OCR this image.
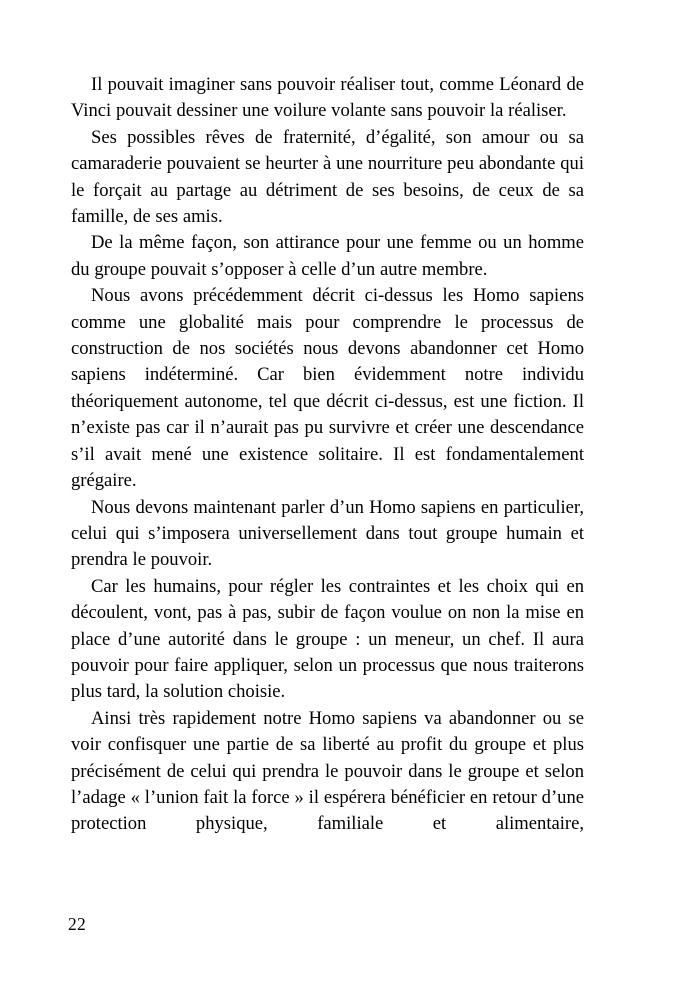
Il pouvait imaginer sans pouvoir réaliser tout, comme Léonard de Vinci pouvait dessiner une voilure volante sans pouvoir la réaliser.

Ses possibles rêves de fraternité, d’égalité, son amour ou sa camaraderie pouvaient se heurter à une nourriture peu abondante qui le forçait au partage au détriment de ses besoins, de ceux de sa famille, de ses amis.

De la même façon, son attirance pour une femme ou un homme du groupe pouvait s’opposer à celle d’un autre membre.

Nous avons précédemment décrit ci-dessus les Homo sapiens comme une globalité mais pour comprendre le processus de construction de nos sociétés nous devons abandonner cet Homo sapiens indéterminé. Car bien évidemment notre individu théoriquement autonome, tel que décrit ci-dessus, est une fiction. Il n’existe pas car il n’aurait pas pu survivre et créer une descendance s’il avait mené une existence solitaire. Il est fondamentalement grégaire.

Nous devons maintenant parler d’un Homo sapiens en particulier, celui qui s’imposera universellement dans tout groupe humain et prendra le pouvoir.

Car les humains, pour régler les contraintes et les choix qui en découlent, vont, pas à pas, subir de façon voulue on non la mise en place d’une autorité dans le groupe : un meneur, un chef. Il aura pouvoir pour faire appliquer, selon un processus que nous traiterons plus tard, la solution choisie.

Ainsi très rapidement notre Homo sapiens va abandonner ou se voir confisquer une partie de sa liberté au profit du groupe et plus précisément de celui qui prendra le pouvoir dans le groupe et selon l’adage « l’union fait la force » il espérera bénéficier en retour d’une protection physique, familiale et alimentaire,

22
